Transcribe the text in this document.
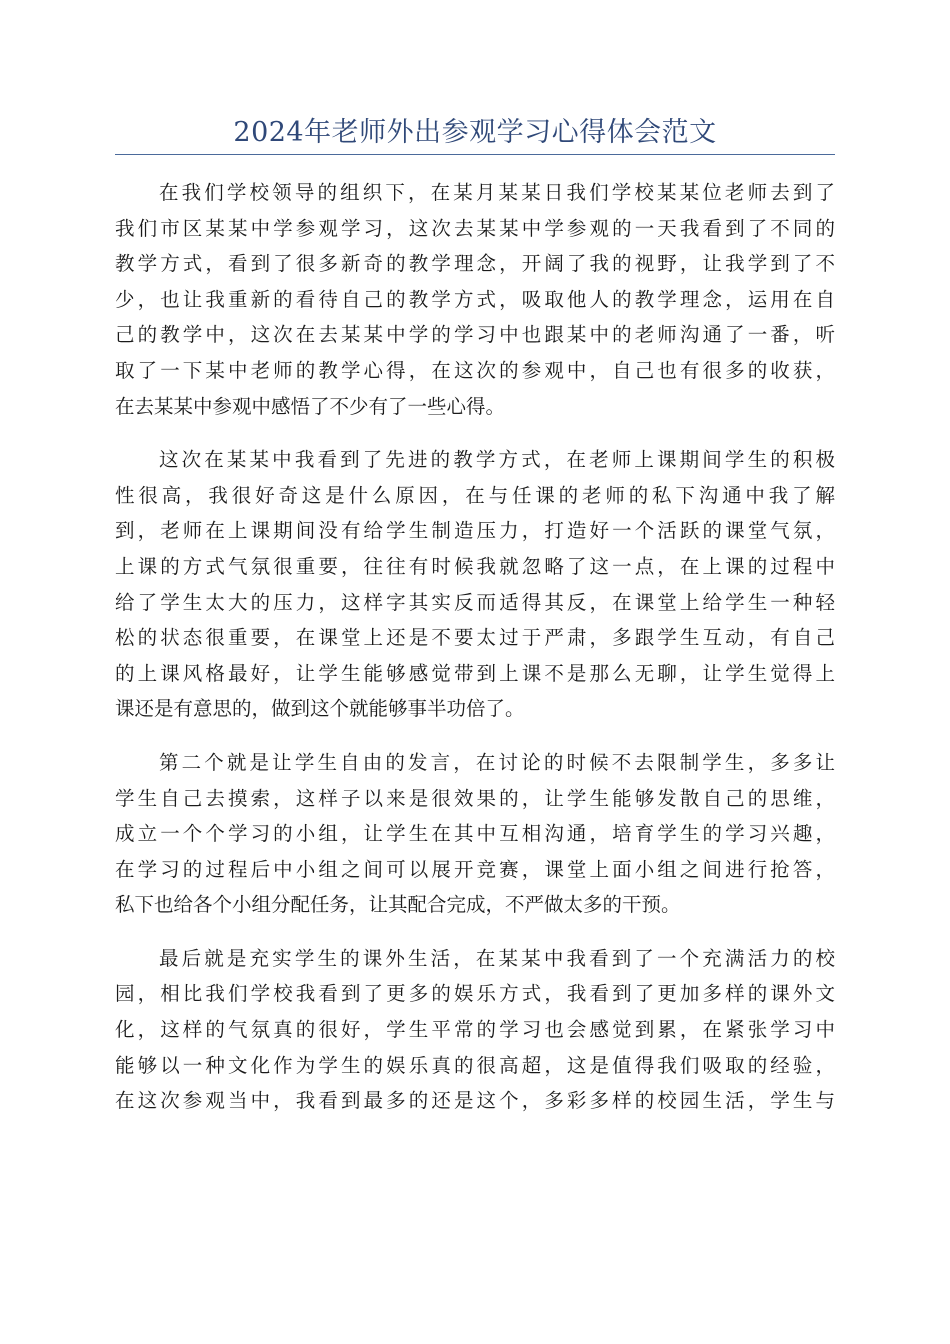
2024年老师外出参观学习心得体会范文
在我们学校领导的组织下，在某月某某日我们学校某某位老师去到了
我们市区某某中学参观学习，这次去某某中学参观的一天我看到了不同的
教学方式，看到了很多新奇的教学理念，开阔了我的视野，让我学到了不
少，也让我重新的看待自己的教学方式，吸取他人的教学理念，运用在自
己的教学中，这次在去某某中学的学习中也跟某中的老师沟通了一番，听
取了一下某中老师的教学心得，在这次的参观中，自己也有很多的收获，
在去某某中参观中感悟了不少有了一些心得。
这次在某某中我看到了先进的教学方式，在老师上课期间学生的积极
性很高，我很好奇这是什么原因，在与任课的老师的私下沟通中我了解
到，老师在上课期间没有给学生制造压力，打造好一个活跃的课堂气氛，
上课的方式气氛很重要，往往有时候我就忽略了这一点，在上课的过程中
给了学生太大的压力，这样字其实反而适得其反，在课堂上给学生一种轻
松的状态很重要，在课堂上还是不要太过于严肃，多跟学生互动，有自己
的上课风格最好，让学生能够感觉带到上课不是那么无聊，让学生觉得上
课还是有意思的，做到这个就能够事半功倍了。
第二个就是让学生自由的发言，在讨论的时候不去限制学生，多多让
学生自己去摸索，这样子以来是很效果的，让学生能够发散自己的思维，
成立一个个学习的小组，让学生在其中互相沟通，培育学生的学习兴趣，
在学习的过程后中小组之间可以展开竞赛，课堂上面小组之间进行抢答，
私下也给各个小组分配任务，让其配合完成，不严做太多的干预。
最后就是充实学生的课外生活，在某某中我看到了一个充满活力的校
园，相比我们学校我看到了更多的娱乐方式，我看到了更加多样的课外文
化，这样的气氛真的很好，学生平常的学习也会感觉到累，在紧张学习中
能够以一种文化作为学生的娱乐真的很高超，这是值得我们吸取的经验，
在这次参观当中，我看到最多的还是这个，多彩多样的校园生活，学生与
